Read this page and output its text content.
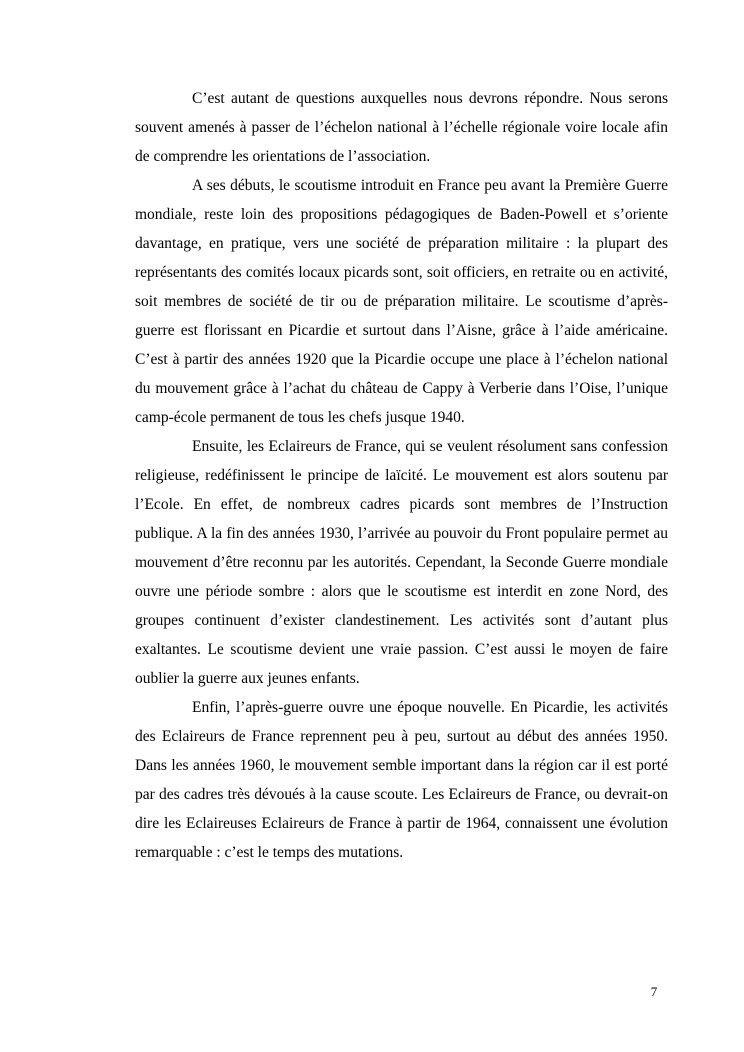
C’est autant de questions auxquelles nous devrons répondre. Nous serons souvent amenés à passer de l’échelon national à l’échelle régionale voire locale afin de comprendre les orientations de l’association.

A ses débuts, le scoutisme introduit en France peu avant la Première Guerre mondiale, reste loin des propositions pédagogiques de Baden-Powell et s’oriente davantage, en pratique, vers une société de préparation militaire : la plupart des représentants des comités locaux picards sont, soit officiers, en retraite ou en activité, soit membres de société de tir ou de préparation militaire. Le scoutisme d’après-guerre est florissant en Picardie et surtout dans l’Aisne, grâce à l’aide américaine. C’est à partir des années 1920 que la Picardie occupe une place à l’échelon national du mouvement grâce à l’achat du château de Cappy à Verberie dans l’Oise, l’unique camp-école permanent de tous les chefs jusque 1940.

Ensuite, les Eclaireurs de France, qui se veulent résolument sans confession religieuse, redéfinissent le principe de laïcité. Le mouvement est alors soutenu par l’Ecole. En effet, de nombreux cadres picards sont membres de l’Instruction publique. A la fin des années 1930, l’arrivée au pouvoir du Front populaire permet au mouvement d’être reconnu par les autorités. Cependant, la Seconde Guerre mondiale ouvre une période sombre : alors que le scoutisme est interdit en zone Nord, des groupes continuent d’exister clandestinement. Les activités sont d’autant plus exaltantes. Le scoutisme devient une vraie passion. C’est aussi le moyen de faire oublier la guerre aux jeunes enfants.

Enfin, l’après-guerre ouvre une époque nouvelle. En Picardie, les activités des Eclaireurs de France reprennent peu à peu, surtout au début des années 1950. Dans les années 1960, le mouvement semble important dans la région car il est porté par des cadres très dévoués à la cause scoute. Les Eclaireurs de France, ou devrait-on dire les Eclaireuses Eclaireurs de France à partir de 1964, connaissent une évolution remarquable : c’est le temps des mutations.

7
